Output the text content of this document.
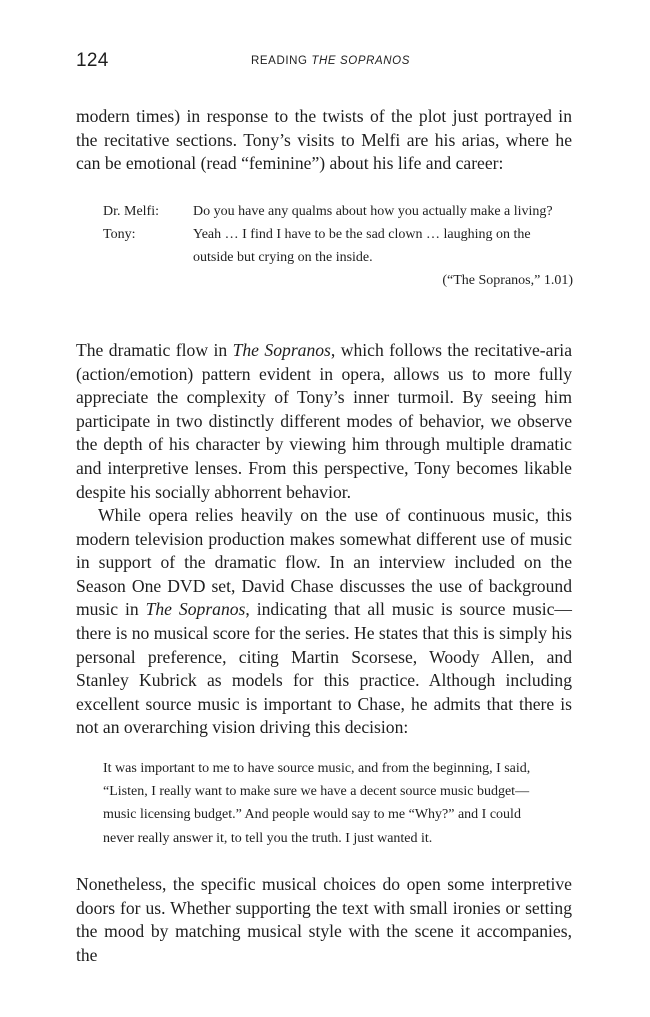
124	READING THE SOPRANOS

modern times) in response to the twists of the plot just portrayed in the recitative sections. Tony’s visits to Melfi are his arias, where he can be emotional (read “feminine”) about his life and career:

Dr. Melfi:	Do you have any qualms about how you actually make a living?
Tony:	Yeah … I find I have to be the sad clown … laughing on the outside but crying on the inside.
(“The Sopranos,” 1.01)

The dramatic flow in The Sopranos, which follows the recitative-aria (action/emotion) pattern evident in opera, allows us to more fully appreciate the complexity of Tony’s inner turmoil. By seeing him participate in two distinctly different modes of behavior, we observe the depth of his character by viewing him through multiple dramatic and interpretive lenses. From this perspective, Tony becomes likable despite his socially abhorrent behavior.

While opera relies heavily on the use of continuous music, this modern television production makes somewhat different use of music in support of the dramatic flow. In an interview included on the Season One DVD set, David Chase discusses the use of background music in The Sopranos, indicating that all music is source music—there is no musical score for the series. He states that this is simply his personal preference, citing Martin Scorsese, Woody Allen, and Stanley Kubrick as models for this practice. Although including excellent source music is important to Chase, he admits that there is not an overarching vision driving this decision:

It was important to me to have source music, and from the beginning, I said, “Listen, I really want to make sure we have a decent source music budget—music licensing budget.” And people would say to me “Why?” and I could never really answer it, to tell you the truth. I just wanted it.

Nonetheless, the specific musical choices do open some interpretive doors for us. Whether supporting the text with small ironies or setting the mood by matching musical style with the scene it accompanies, the
